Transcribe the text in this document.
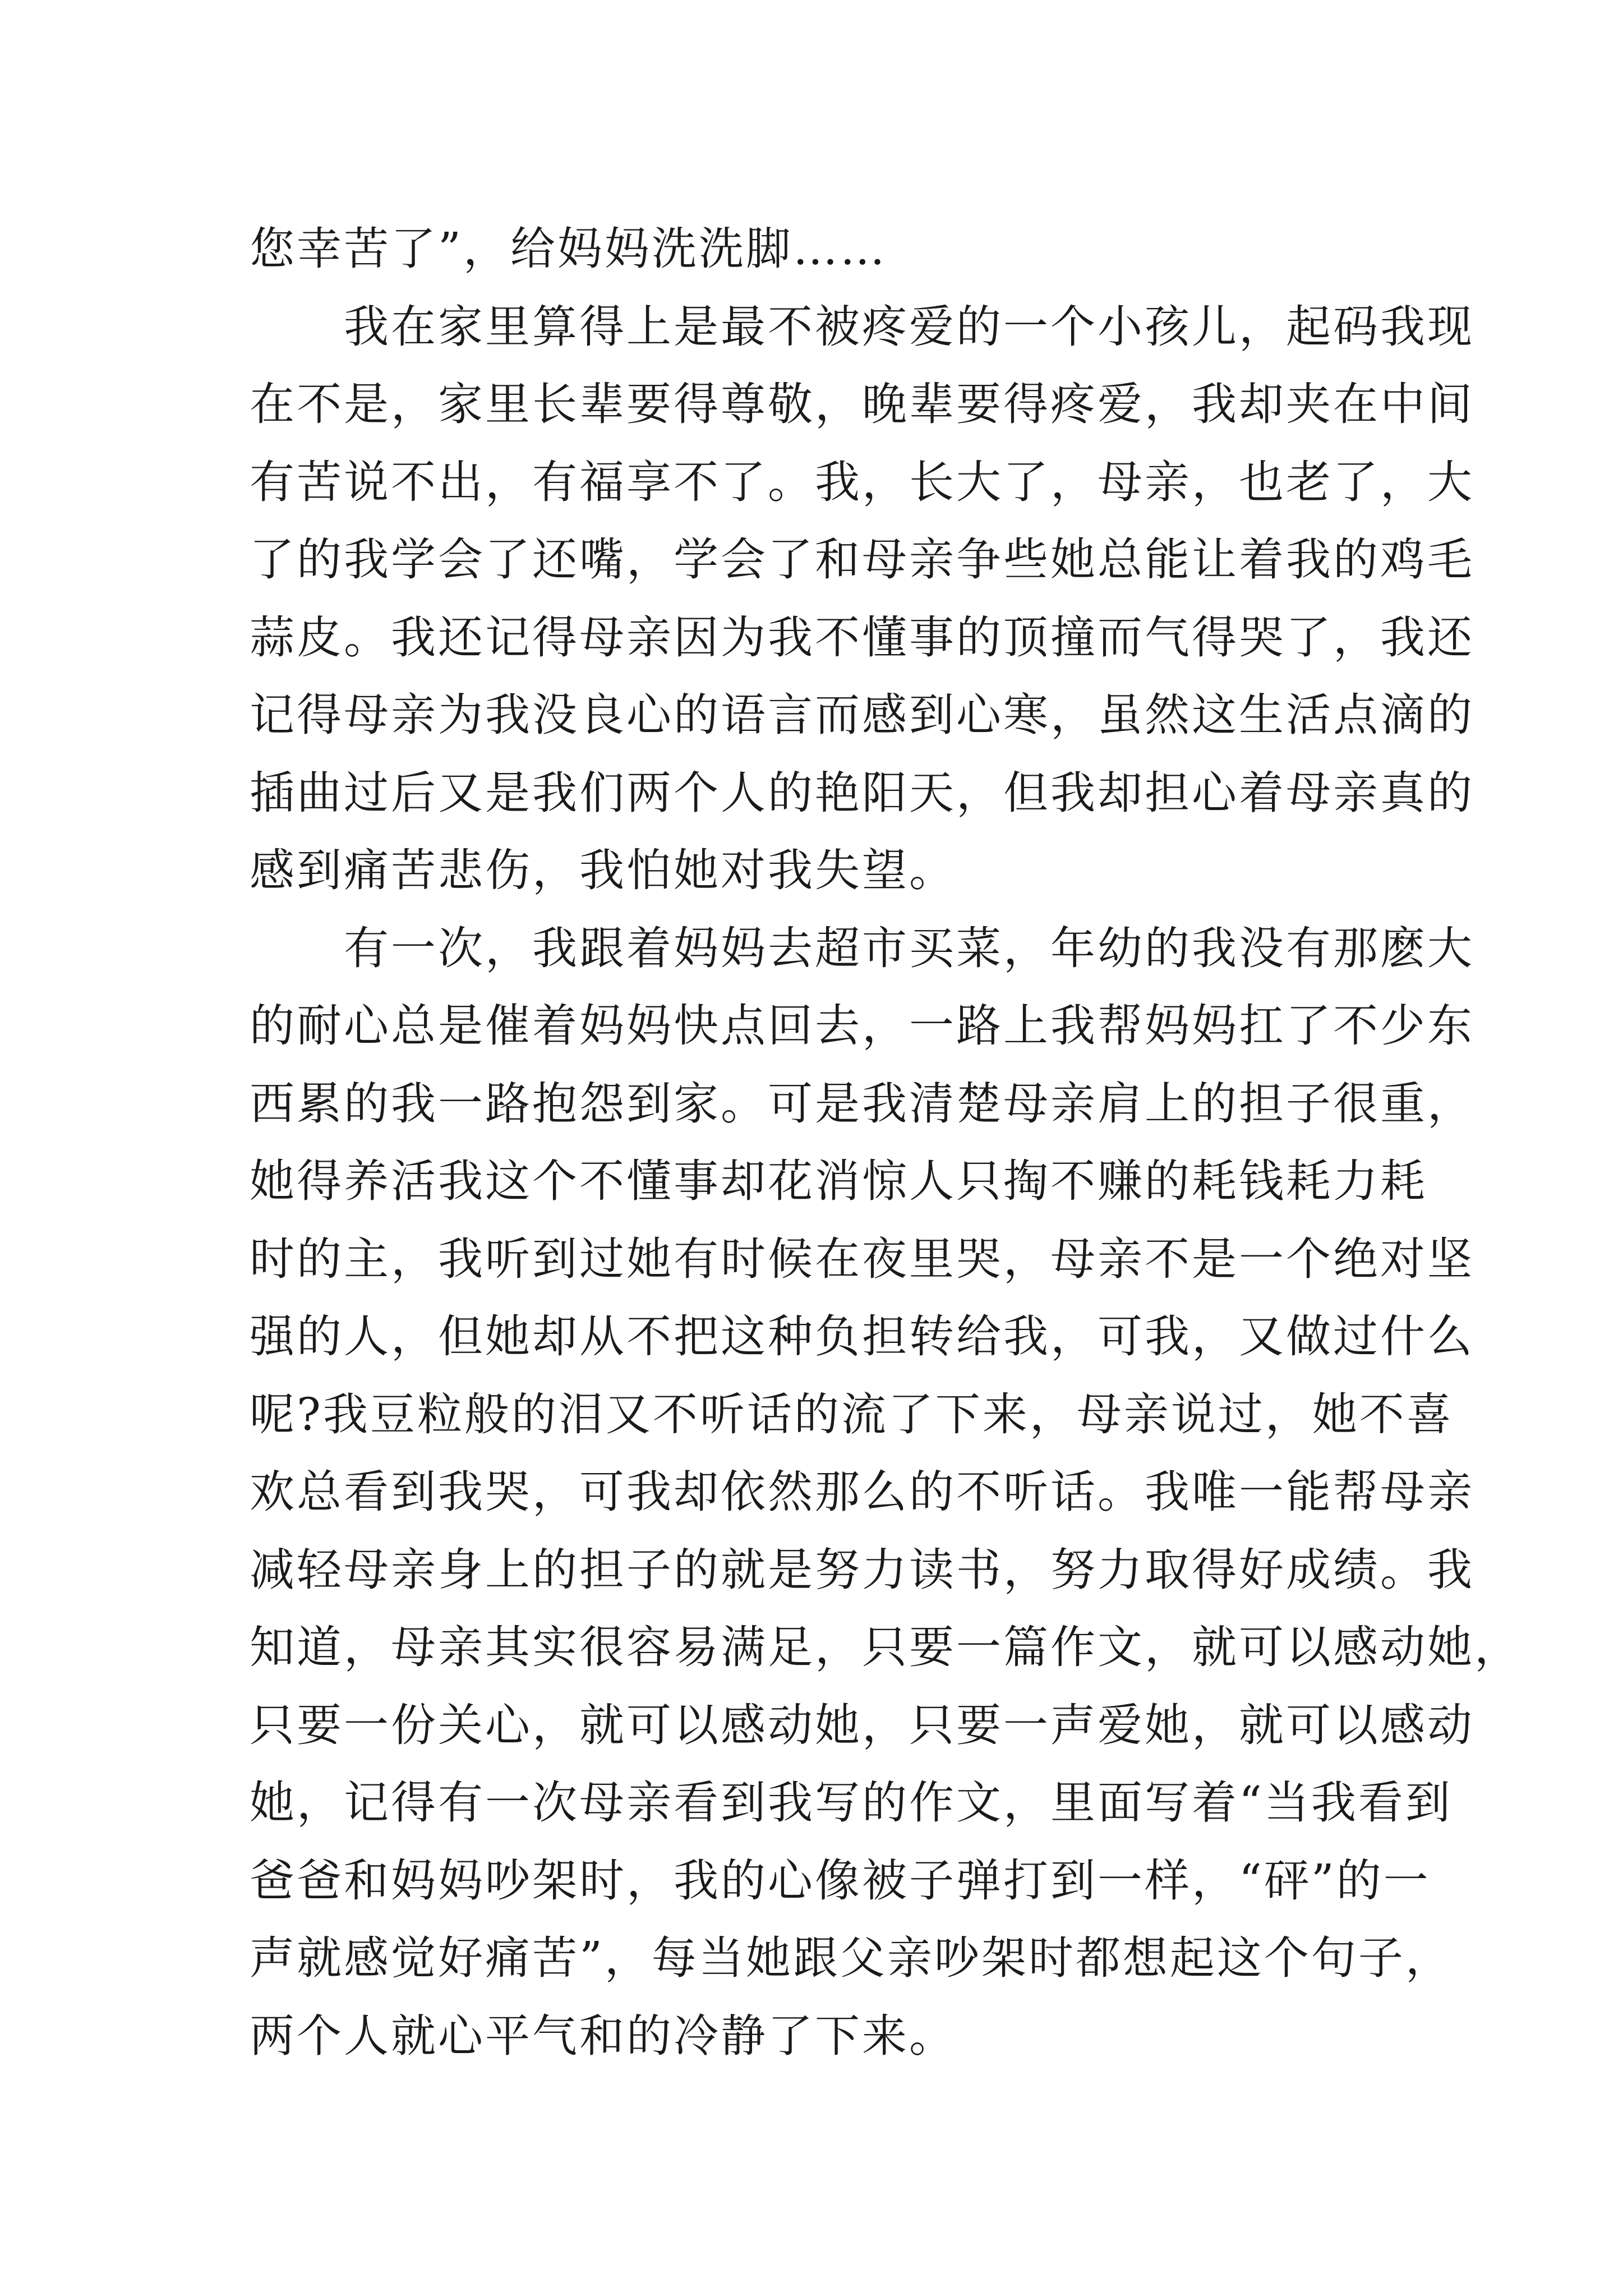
您幸苦了”，给妈妈洗洗脚……
我在家里算得上是最不被疼爱的一个小孩儿，起码我现
在不是，家里长辈要得尊敬，晚辈要得疼爱，我却夹在中间
有苦说不出，有福享不了。我，长大了，母亲，也老了，大
了的我学会了还嘴，学会了和母亲争些她总能让着我的鸡毛
蒜皮。我还记得母亲因为我不懂事的顶撞而气得哭了，我还
记得母亲为我没良心的语言而感到心寒，虽然这生活点滴的
插曲过后又是我们两个人的艳阳天，但我却担心着母亲真的
感到痛苦悲伤，我怕她对我失望。
有一次，我跟着妈妈去超市买菜，年幼的我没有那麽大
的耐心总是催着妈妈快点回去，一路上我帮妈妈扛了不少东
西累的我一路抱怨到家。可是我清楚母亲肩上的担子很重，
她得养活我这个不懂事却花消惊人只掏不赚的耗钱耗力耗
时的主，我听到过她有时候在夜里哭，母亲不是一个绝对坚
强的人，但她却从不把这种负担转给我，可我，又做过什么
呢?我豆粒般的泪又不听话的流了下来，母亲说过，她不喜
欢总看到我哭，可我却依然那么的不听话。我唯一能帮母亲
减轻母亲身上的担子的就是努力读书，努力取得好成绩。我
知道，母亲其实很容易满足，只要一篇作文，就可以感动她，
只要一份关心，就可以感动她，只要一声爱她，就可以感动
她，记得有一次母亲看到我写的作文，里面写着“当我看到
爸爸和妈妈吵架时，我的心像被子弹打到一样，“砰”的一
声就感觉好痛苦”，每当她跟父亲吵架时都想起这个句子，
两个人就心平气和的冷静了下来。
